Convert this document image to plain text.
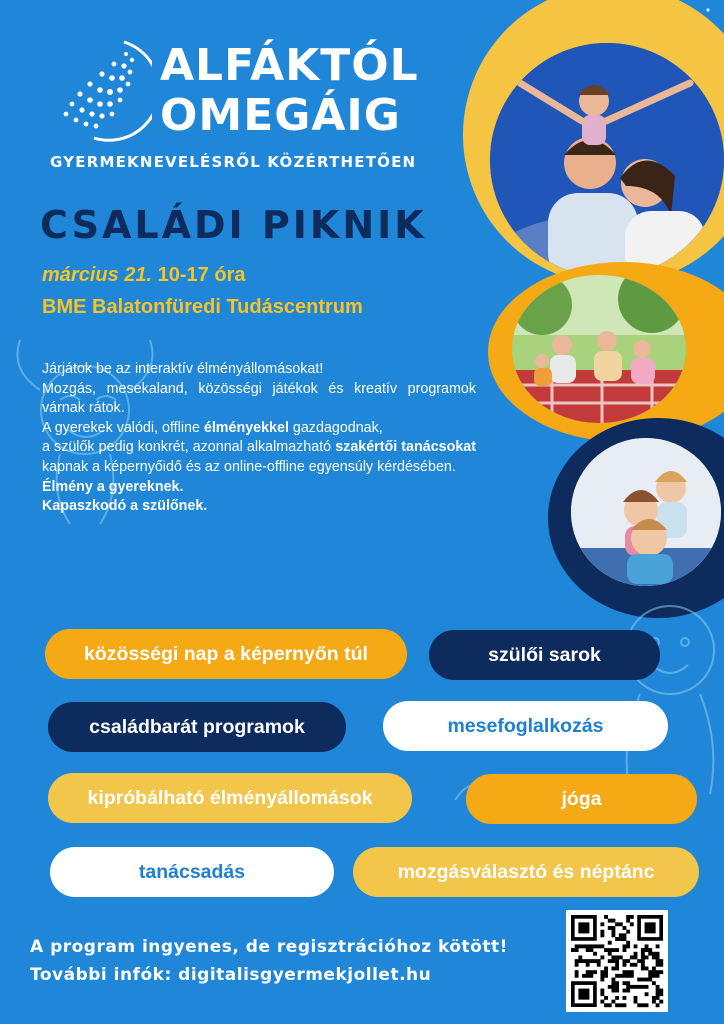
ALFÁKTÓL
OMEGÁIG
GYERMEKNEVELÉSRŐL KÖZÉRTHETŐEN
CSALÁDI PIKNIK
március 21. 10-17 óra
BME Balatonfüredi Tudáscentrum

Járjátok be az interaktív élményállomásokat!

Mozgás, mesekaland, közösségi játékok és kreatív programok várnak rátok.

A gyerekek valódi, offline élményekkel gazdagodnak,

a szülők pedig konkrét, azonnal alkalmazható szakértői tanácsokat kapnak a képernyőidő és az online-offline egyensúly kérdésében.

Élmény a gyereknek.

Kapaszkodó a szülőnek.

közösségi nap a képernyőn túl	szülői sarok
családbarát programok	mesefoglalkozás
kipróbálható élményállomások	jóga
tanácsadás	mozgásválasztó és néptánc
A program ingyenes, de regisztrációhoz kötött!
További infók: digitalisgyermekjollet.hu
